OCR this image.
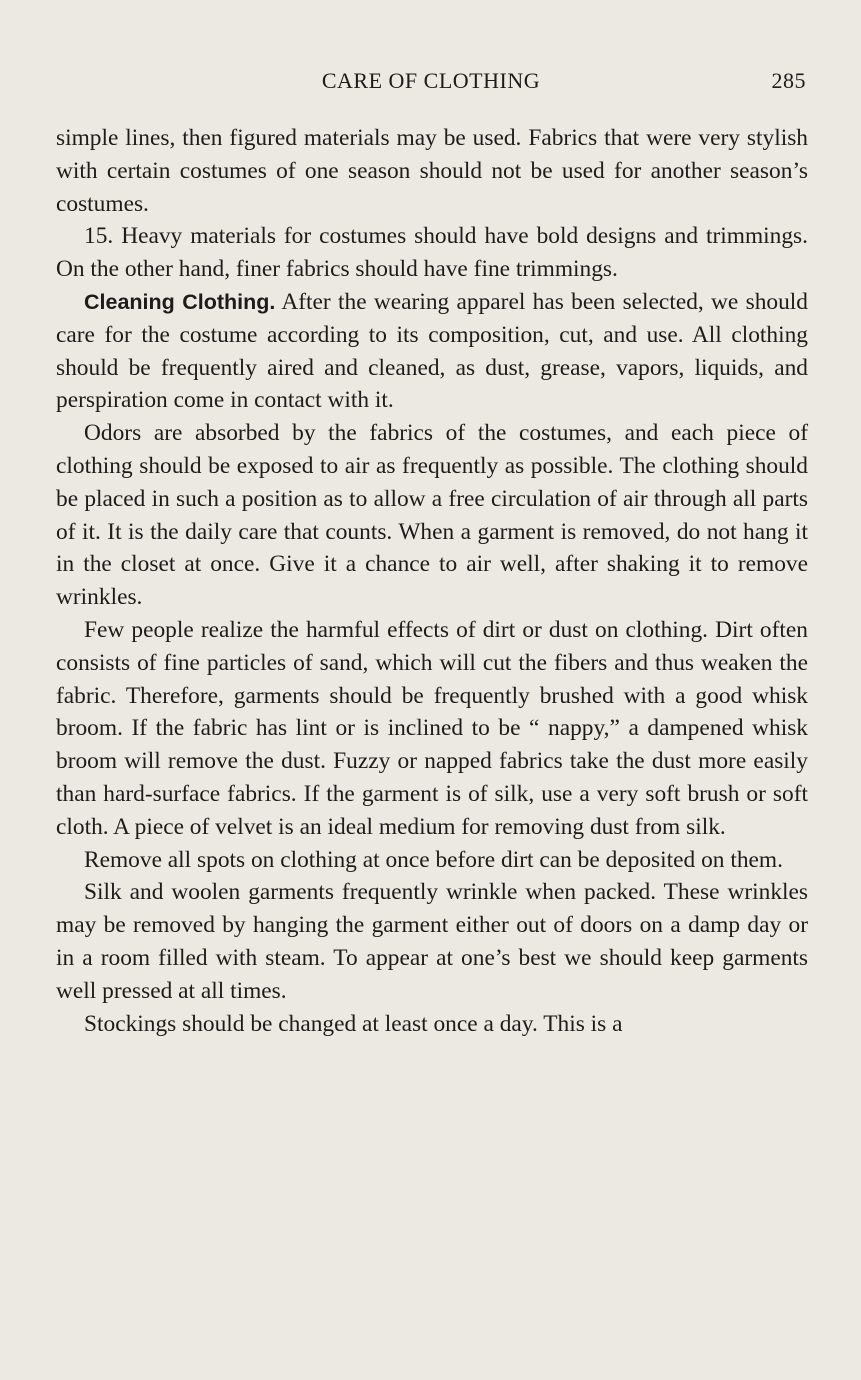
CARE OF CLOTHING	285

simple lines, then figured materials may be used. Fabrics that were very stylish with certain costumes of one season should not be used for another season’s costumes.

15. Heavy materials for costumes should have bold designs and trimmings. On the other hand, finer fabrics should have fine trimmings.

Cleaning Clothing. After the wearing apparel has been selected, we should care for the costume according to its composition, cut, and use. All clothing should be frequently aired and cleaned, as dust, grease, vapors, liquids, and perspiration come in contact with it.

Odors are absorbed by the fabrics of the costumes, and each piece of clothing should be exposed to air as frequently as possible. The clothing should be placed in such a position as to allow a free circulation of air through all parts of it. It is the daily care that counts. When a garment is removed, do not hang it in the closet at once. Give it a chance to air well, after shaking it to remove wrinkles.

Few people realize the harmful effects of dirt or dust on clothing. Dirt often consists of fine particles of sand, which will cut the fibers and thus weaken the fabric. Therefore, garments should be frequently brushed with a good whisk broom. If the fabric has lint or is inclined to be “ nappy,” a dampened whisk broom will remove the dust. Fuzzy or napped fabrics take the dust more easily than hard-surface fabrics. If the garment is of silk, use a very soft brush or soft cloth. A piece of velvet is an ideal medium for removing dust from silk.

Remove all spots on clothing at once before dirt can be deposited on them.

Silk and woolen garments frequently wrinkle when packed. These wrinkles may be removed by hanging the garment either out of doors on a damp day or in a room filled with steam. To appear at one’s best we should keep garments well pressed at all times.

Stockings should be changed at least once a day. This is a
